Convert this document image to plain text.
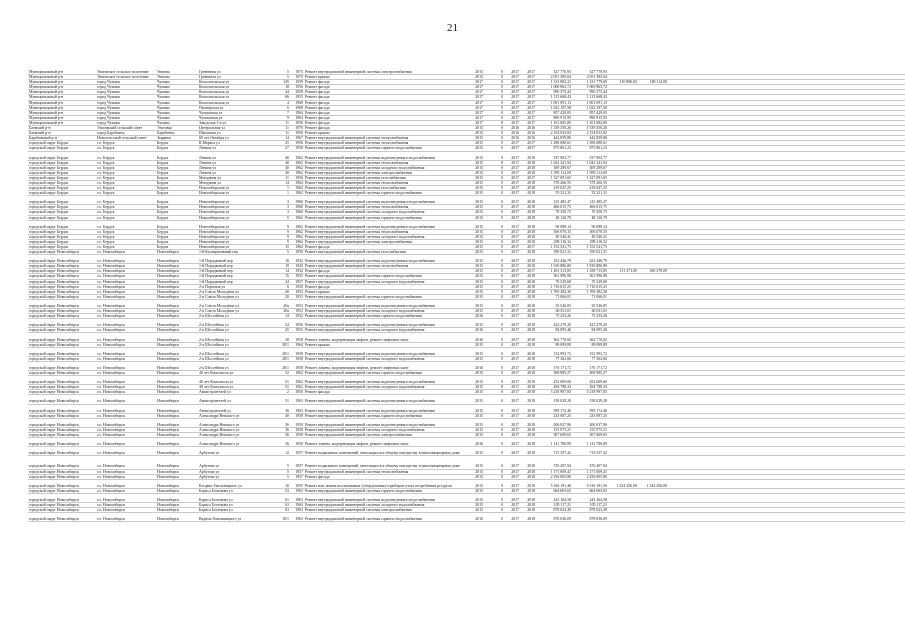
21
Муниципальный р-н	Уватовское сельское поселение	Уватово	Гревенная ул	5	1975	Ремонт внутридомовой инженерной системы электроснабжения	2015	0	2017	2017	327 770,93	327 770,93			
Муниципальный р-н	Уватовское сельское поселение	Уватово	Гревенная ул	5	1975	Ремонт крыши	2015	0	2017	2017	2 051 385,04	2 051 385,04			
Муниципальный р-н	город Чумаки	Чумаки	Комсомольская ул	145	1959	Ремонт фасада	2017	0	2017	2017	1 313 882,21	1 231 779,69	110 886,82	180 114,00	
Муниципальный р-н	город Чумаки	Чумаки	Комсомольская ул	18	1956	Ремонт фасада	2017	0	2017	2017	1 000 863,72	1 000 863,72			
Муниципальный р-н	город Чумаки	Чумаки	Комсомольская ул	44	1958	Ремонт фасада	2017	0	2017	2017	990 375,44	990 375,44			
Муниципальный р-н	город Чумаки	Чумаки	Комсомольская ул	66	1955	Ремонт фасада	2017	0	2017	2017	1 115 668,43	1 115 668,43			
Муниципальный р-н	город Чумаки	Чумаки	Комсомольская ул	4	1968	Ремонт фасада	2017	0	2017	2017	1 001 091,13	1 001 091,13			
Муниципальный р-н	город Чумаки	Чумаки	Пионерская ул	6	1968	Ремонт фасада	2017	0	2017	2017	1 022 197,58	1 022 197,58			
Муниципальный р-н	город Чумаки	Чумаки	Чумашская ул	7	1964	Ремонт фасада	2017	0	2017	2017	857 429,05	857 429,05			
Муниципальный р-н	город Чумаки	Чумаки	Чумашская ул	9	1964	Ремонт фасада	2017	0	2017	2017	890 915,95	890 915,95			
Муниципальный р-н	город Чумаки	Чумаки	Заводская 1-я ул	11	1956	Ремонт фасада	2017	0	2017	2017	1 101 682,80	1 101 682,80			
Баевский р-н	Эльтовский сельский совет	Эльтовка	Центральная ул	11	1976	Ремонт фасада	2015	0	2016	2016	1 539 350,26	1 539 350,26			
Баевский р-н	город Барабинск	Барабинск	Школьная ул	11	1956	Ремонт крыши	2015	0	2016	2016	2 154 033,82	2 154 033,82			
Барабинский р-н	Новоспасский сельский совет	Зырянка	60 лет Октября ул	14	1967	Ремонт внутридомовой инженерной системы теплоснабжения	2015	0	2016	2016	442 859,86	442 859,86			
городской округ Бердск	г.о. Бердск	Бердск	К.Маркса ул	25	1956	Ремонт внутридомовой инженерной системы теплоснабжения	2015	0	2017	2017	1 296 080,61	1 296 080,61			
городской округ Бердск	г.о. Бердск	Бердск	Ленина ул	27	1958	Ремонт внутридомовой инженерной системы горячего водоснабжения	2015	0	2017	2017	875 861,23	875 861,23			

городской округ Бердск	г.о. Бердск	Бердск	Ленина ул	40	1962	Ремонт внутридомовой инженерной системы водоотведения и водоснабжения	2015	0	2017	2018	537 903,77	537 903,77			
городской округ Бердск	г.о. Бердск	Бердск	Ленина ул	40	1962	Ремонт внутридомовой инженерной системы теплоснабжения	2015	0	2017	2018	1 042 341,94	1 042 341,94			
городской округ Бердск	г.о. Бердск	Бердск	Ленина ул	40	1962	Ремонт внутридомовой инженерной системы холодного водоснабжения	2015	0	2017	2018	309 289,67	309 289,67			
городской округ Бердск	г.о. Бердск	Бердск	Ленина ул	40	1962	Ремонт внутридомовой инженерной системы электроснабжения	2015	0	2017	2018	1 095 112,69	1 095 112,69			
городской округ Бердск	г.о. Бердск	Бердск	Мичурина ул	11	1956	Ремонт внутридомовой инженерной системы газоснабжения	2015	0	2017	2017	1 327 091,65	1 327 091,65			
городской округ Бердск	г.о. Бердск	Бердск	Мичурина ул	14	1964	Ремонт внутридомовой инженерной системы теплоснабжения	2015	0	2017	2018	578 266,55	578 266,55			
городской округ Бердск	г.о. Бердск	Бердск	Новосибирская ул	1	1962	Ремонт внутридомовой инженерной системы газоснабжения	2015	0	2017	2018	419 047,25	419 047,25			
городской округ Бердск	г.о. Бердск	Бердск	Новосибирская ул	1	1962	Ремонт внутридомовой инженерной системы горячего водоснабжения	2015	0	2017	2018	55 321,31	55 321,31			

городской округ Бердск	г.о. Бердск	Бердск	Новосибирская ул	3	1960	Ремонт внутридомовой инженерной системы водоотведения и водоснабжения	2015	0	2017	2018	125 485,47	125 485,47			
городской округ Бердск	г.о. Бердск	Бердск	Новосибирская ул	3	1960	Ремонт внутридомовой инженерной системы теплоснабжения	2015	0	2017	2018	466 615,75	466 615,75			
городской округ Бердск	г.о. Бердск	Бердск	Новосибирская ул	3	1960	Ремонт внутридомовой инженерной системы холодного водоснабжения	2015	0	2017	2018	70 350,73	70 350,73			
городской округ Бердск	г.о. Бердск	Бердск	Новосибирская ул	5	1962	Ремонт внутридомовой инженерной системы горячего водоснабжения	2015	0	2017	2018	48 120,79	48 120,79			

городской округ Бердск	г.о. Бердск	Бердск	Новосибирская ул	9	1962	Ремонт внутридомовой инженерной системы водоотведения и водоснабжения	2015	0	2017	2018	90 088,14	90 088,14			
городской округ Бердск	г.о. Бердск	Бердск	Новосибирская ул	9	1962	Ремонт внутридомовой инженерной системы теплоснабжения	2015	0	2017	2018	306 070,35	306 070,35			
городской округ Бердск	г.о. Бердск	Бердск	Новосибирская ул	9	1962	Ремонт внутридомовой инженерной системы холодного водоснабжения	2015	0	2017	2018	49 546,41	49 546,41			
городской округ Бердск	г.о. Бердск	Бердск	Новосибирская ул	9	1962	Ремонт внутридомовой инженерной системы электроснабжения	2015	0	2017	2018	299 116,32	299 116,32			
городской округ Бердск	г.о. Бердск	Бердск	Новосибирская ул	15	1962	Ремонт фасада	2015	0	2017	2017	1 152 541,75	1 152 541,75			
городской округ Новосибирск	г.о. Новосибирск	Новосибирск	1-й Кооперативный пер	5	1956	Ремонт внутридомовой инженерной системы газоснабжения	2015	0	2017	2018	190 021,31	190 021,31			

городской округ Новосибирск	г.о. Новосибирск	Новосибирск	1-й Порядковый пер	10	1952	Ремонт внутридомовой инженерной системы водоотведения и водоснабжения	2015	0	2017	2018	252 446,79	252 446,79			
городской округ Новосибирск	г.о. Новосибирск	Новосибирск	1-й Порядковый пер	10	1943	Ремонт внутридомовой инженерной системы теплоснабжения	2015	0	2017	2018	1 910 886,80	1 910 886,80			
городской округ Новосибирск	г.о. Новосибирск	Новосибирск	1-й Порядковый пер	14	1952	Ремонт фасада	2015	0	2017	2017	1 491 313,85	1 358 713,85	111 371,00	160 378,09	
городской округ Новосибирск	г.о. Новосибирск	Новосибирск	1-й Порядковый пер	15	1955	Ремонт внутридомовой инженерной системы горячего водоснабжения	2015	0	2017	2018	361 996,98	361 996,98			
городской округ Новосибирск	г.о. Новосибирск	Новосибирск	1-й Порядковый пер	24	1957	Ремонт внутридомовой инженерной системы холодного водоснабжения	2015	0	2017	2018	70 529,68	70 529,68			
городской округ Новосибирск	г.о. Новосибирск	Новосибирск	2-я Портовая ул	6	1950	Ремонт фасада	2015	0	2017	2018	1 716 615,25	1 716 615,25			
городской округ Новосибирск	г.о. Новосибирск	Новосибирск	2-я Союза Молодёжи ул	20	1953	Ремонт крыши	2015	0	2017	2018	1 709 382,30	1 709 382,30			
городской округ Новосибирск	г.о. Новосибирск	Новосибирск	2-я Союза Молодёжи ул	20	1953	Ремонт внутридомовой инженерной системы горячего водоснабжения	2015	0	2017	2018	71 066,01	71 066,01			

городской округ Новосибирск	г.о. Новосибирск	Новосибирск	2-я Союза Молодёжи ул	20а	1953	Ремонт внутридомовой инженерной системы водоотведения и водоснабжения	2015	0	2017	2018	35 546,05	35 546,05			
городской округ Новосибирск	г.о. Новосибирск	Новосибирск	2-я Союза Молодёжи ул	20а	1953	Ремонт внутридомовой инженерной системы холодного водоснабжения	2015	0	2017	2018	60 811,01	60 811,01			
городской округ Новосибирск	г.о. Новосибирск	Новосибирск	2-я Шоссейная ул	14	1952	Ремонт внутридомовой инженерной системы горячего водоснабжения	2016	0	2017	2018	75 253,26	75 253,26			

городской округ Новосибирск	г.о. Новосибирск	Новосибирск	2-я Шоссейная ул	24	1956	Ремонт внутридомовой инженерной системы водоотведения и водоснабжения	2015	0	2017	2018	423 279,20	423 279,20			
городской округ Новосибирск	г.о. Новосибирск	Новосибирск	2-я Шоссейная ул	25	1955	Ремонт внутридомовой инженерной системы холодного водоснабжения	2016	0	2017	2018	84 095,46	84 095,46			
городской округ Новосибирск	г.о. Новосибирск	Новосибирск	2-я Шоссейная ул	28	1958	Ремонт, замена, модернизация лифтов, ремонт лифтовых шахт	2016	0	2017	2018	362 770,82	362 770,82			
городской округ Новосибирск	г.о. Новосибирск	Новосибирск	2-я Шоссейная ул	28/1	1964	Ремонт крыши	2015	0	2017	2018	89 099,89	89 099,89			

городской округ Новосибирск	г.о. Новосибирск	Новосибирск	2-я Шоссейная ул	28/1	1958	Ремонт внутридомовой инженерной системы водоотведения и водоснабжения	2015	0	2017	2018	152 993,72	152 993,72			
городской округ Новосибирск	г.о. Новосибирск	Новосибирск	2-я Шоссейная ул	28/1	1958	Ремонт внутридомовой инженерной системы холодного водоснабжения	2015	0	2017	2018	77 362,66	77 362,66			
городской округ Новосибирск	г.о. Новосибирск	Новосибирск	2-я Шоссейная ул	28/1	1958	Ремонт, замена, модернизация лифтов, ремонт лифтовых шахт	2016	0	2017	2018	176 171,72	176 171,72			
городской округ Новосибирск	г.о. Новосибирск	Новосибирск	40 лет Комсомола ул	52	1962	Ремонт внутридомовой инженерной системы горячего водоснабжения	2015	0	2017	2018	308 985,27	308 985,27			

городской округ Новосибирск	г.о. Новосибирск	Новосибирск	40 лет Комсомола ул	51	1962	Ремонт внутридомовой инженерной системы водоотведения и водоснабжения	2015	0	2017	2018	252 609,60	252 609,60			
городской округ Новосибирск	г.о. Новосибирск	Новосибирск	40 лет Комсомола ул	51	1962	Ремонт внутридомовой инженерной системы холодного водоснабжения	2015	0	2017	2018	294 788,33	294 788,33			
городской округ Новосибирск	г.о. Новосибирск	Новосибирск	Авиастроителей ул	2	1956	Ремонт фасада	2015	0	2017	2018	5 218 997,83	5 218 997,83			

городской округ Новосибирск	г.о. Новосибирск	Новосибирск	Авиастроителей ул	31	1963	Ремонт внутридомовой инженерной системы водоотведения и водоснабжения	2015	0	2017	2018	158 029,28	158 029,28			

городской округ Новосибирск	г.о. Новосибирск	Новосибирск	Авиастроителей ул	36	1963	Ремонт внутридомовой инженерной системы водоотведения и водоснабжения	2015	0	2017	2018	599 172,46	599 172,46			
городской округ Новосибирск	г.о. Новосибирск	Новосибирск	Александра Невского ул	40	1958	Ремонт внутридомовой инженерной системы горячего водоснабжения	2015	0	2017	2018	233 087,25	233 087,25			

городской округ Новосибирск	г.о. Новосибирск	Новосибирск	Александра Невского ул	36	1958	Ремонт внутридомовой инженерной системы водоотведения и водоснабжения	2015	0	2017	2018	206 037,96	206 037,96			
городской округ Новосибирск	г.о. Новосибирск	Новосибирск	Александра Невского ул	36	1958	Ремонт внутридомовой инженерной системы холодного водоснабжения	2015	0	2017	2018	155 975,21	155 975,21			
городской округ Новосибирск	г.о. Новосибирск	Новосибирск	Александра Невского ул	36	1958	Ремонт внутридомовой инженерной системы электроснабжения	2015	0	2017	2018	307 609,65	307 609,65			
городской округ Новосибирск	г.о. Новосибирск	Новосибирск	Александра Невского ул	36	1958	Ремонт, замена, модернизация лифтов, ремонт лифтовых шахт	2016	0	2017	2018	1 141 780,89	1 141 780,89			
городской округ Новосибирск	г.о. Новосибирск	Новосибирск	Арбузова ул	12	1957	Ремонт подвальных помещений, относящихся к общему имуществу в многоквартирном доме	2015	0	2017	2018	713 357,42	713 357,42			

городской округ Новосибирск	г.о. Новосибирск	Новосибирск	Арбузова ул	5	1957	Ремонт подвальных помещений, относящихся к общему имуществу в многоквартирном доме	2015	0	2017	2018	376 207,94	376 207,94			
городской округ Новосибирск	г.о. Новосибирск	Новосибирск	Арбузова ул	5	1957	Ремонт внутридомовой инженерной системы теплоснабжения	2015	0	2017	2018	1 171 009,41	1 171 009,41			
городской округ Новосибирск	г.о. Новосибирск	Новосибирск	Арбузова ул	5	1957	Ремонт фасада	2015	0	2017	2018	2 256 005,80	2 256 005,80			
городской округ Новосибирск	г.о. Новосибирск	Новосибирск	Богдана Хмельницкого ул	10	1955	Ремонт или замена коллективных (общедомовых) приборов учета потребления ресурсов	2015	0	2017	2018	5 166 191,46	6 516 191,56	1 234 456,00	1 524 456,00	
городской округ Новосибирск	г.о. Новосибирск	Новосибирск	Бориса Богаткова ул	23	1963	Ремонт внутридомовой инженерной системы горячего водоснабжения	2015	0	2017	2018	664 603,65	664 603,65			

городской округ Новосибирск	г.о. Новосибирск	Новосибирск	Бориса Богаткова ул	61	1963	Ремонт внутридомовой инженерной системы водоотведения и водоснабжения	2015	0	2017	2018	243 164,58	243 164,58			
городской округ Новосибирск	г.о. Новосибирск	Новосибирск	Бориса Богаткова ул	63	1963	Ремонт внутридомовой инженерной системы холодного водоснабжения	2015	0	2017	2018	105 117,21	105 117,21			
городской округ Новосибирск	г.о. Новосибирск	Новосибирск	Бориса Богаткова ул	63	1963	Ремонт внутридомовой инженерной системы электроснабжения	2015	0	2017	2018	878 023,49	878 023,49			

городской округ Новосибирск	г.о. Новосибирск	Новосибирск	Вадима Хмельницкого ул	10/1	1963	Ремонт внутридомовой инженерной системы горячего водоснабжения	2016	0	2017	2018	878 036,09	878 036,09			
